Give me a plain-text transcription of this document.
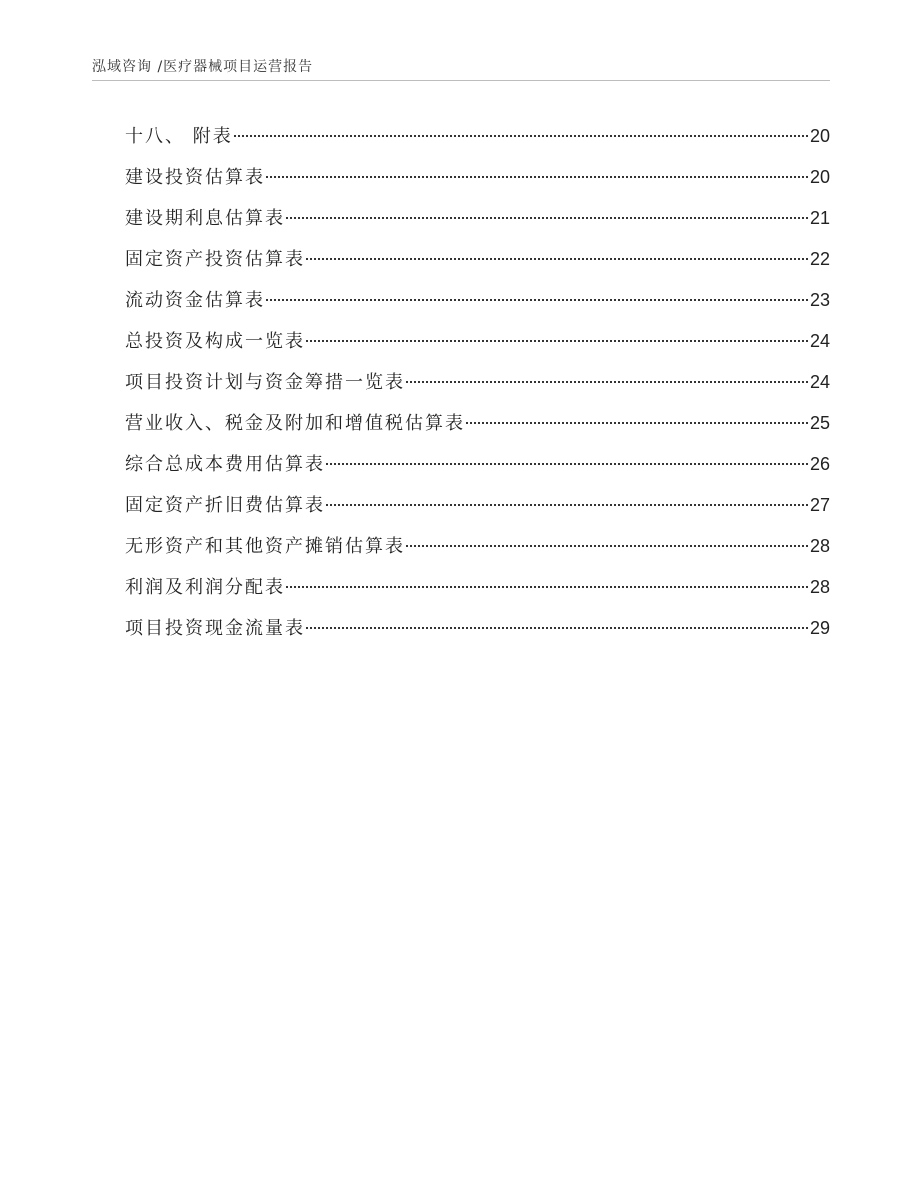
泓域咨询 /医疗器械项目运营报告
十八、 附表	20
建设投资估算表	20
建设期利息估算表	21
固定资产投资估算表	22
流动资金估算表	23
总投资及构成一览表	24
项目投资计划与资金筹措一览表	24
营业收入、税金及附加和增值税估算表	25
综合总成本费用估算表	26
固定资产折旧费估算表	27
无形资产和其他资产摊销估算表	28
利润及利润分配表	28
项目投资现金流量表	29
